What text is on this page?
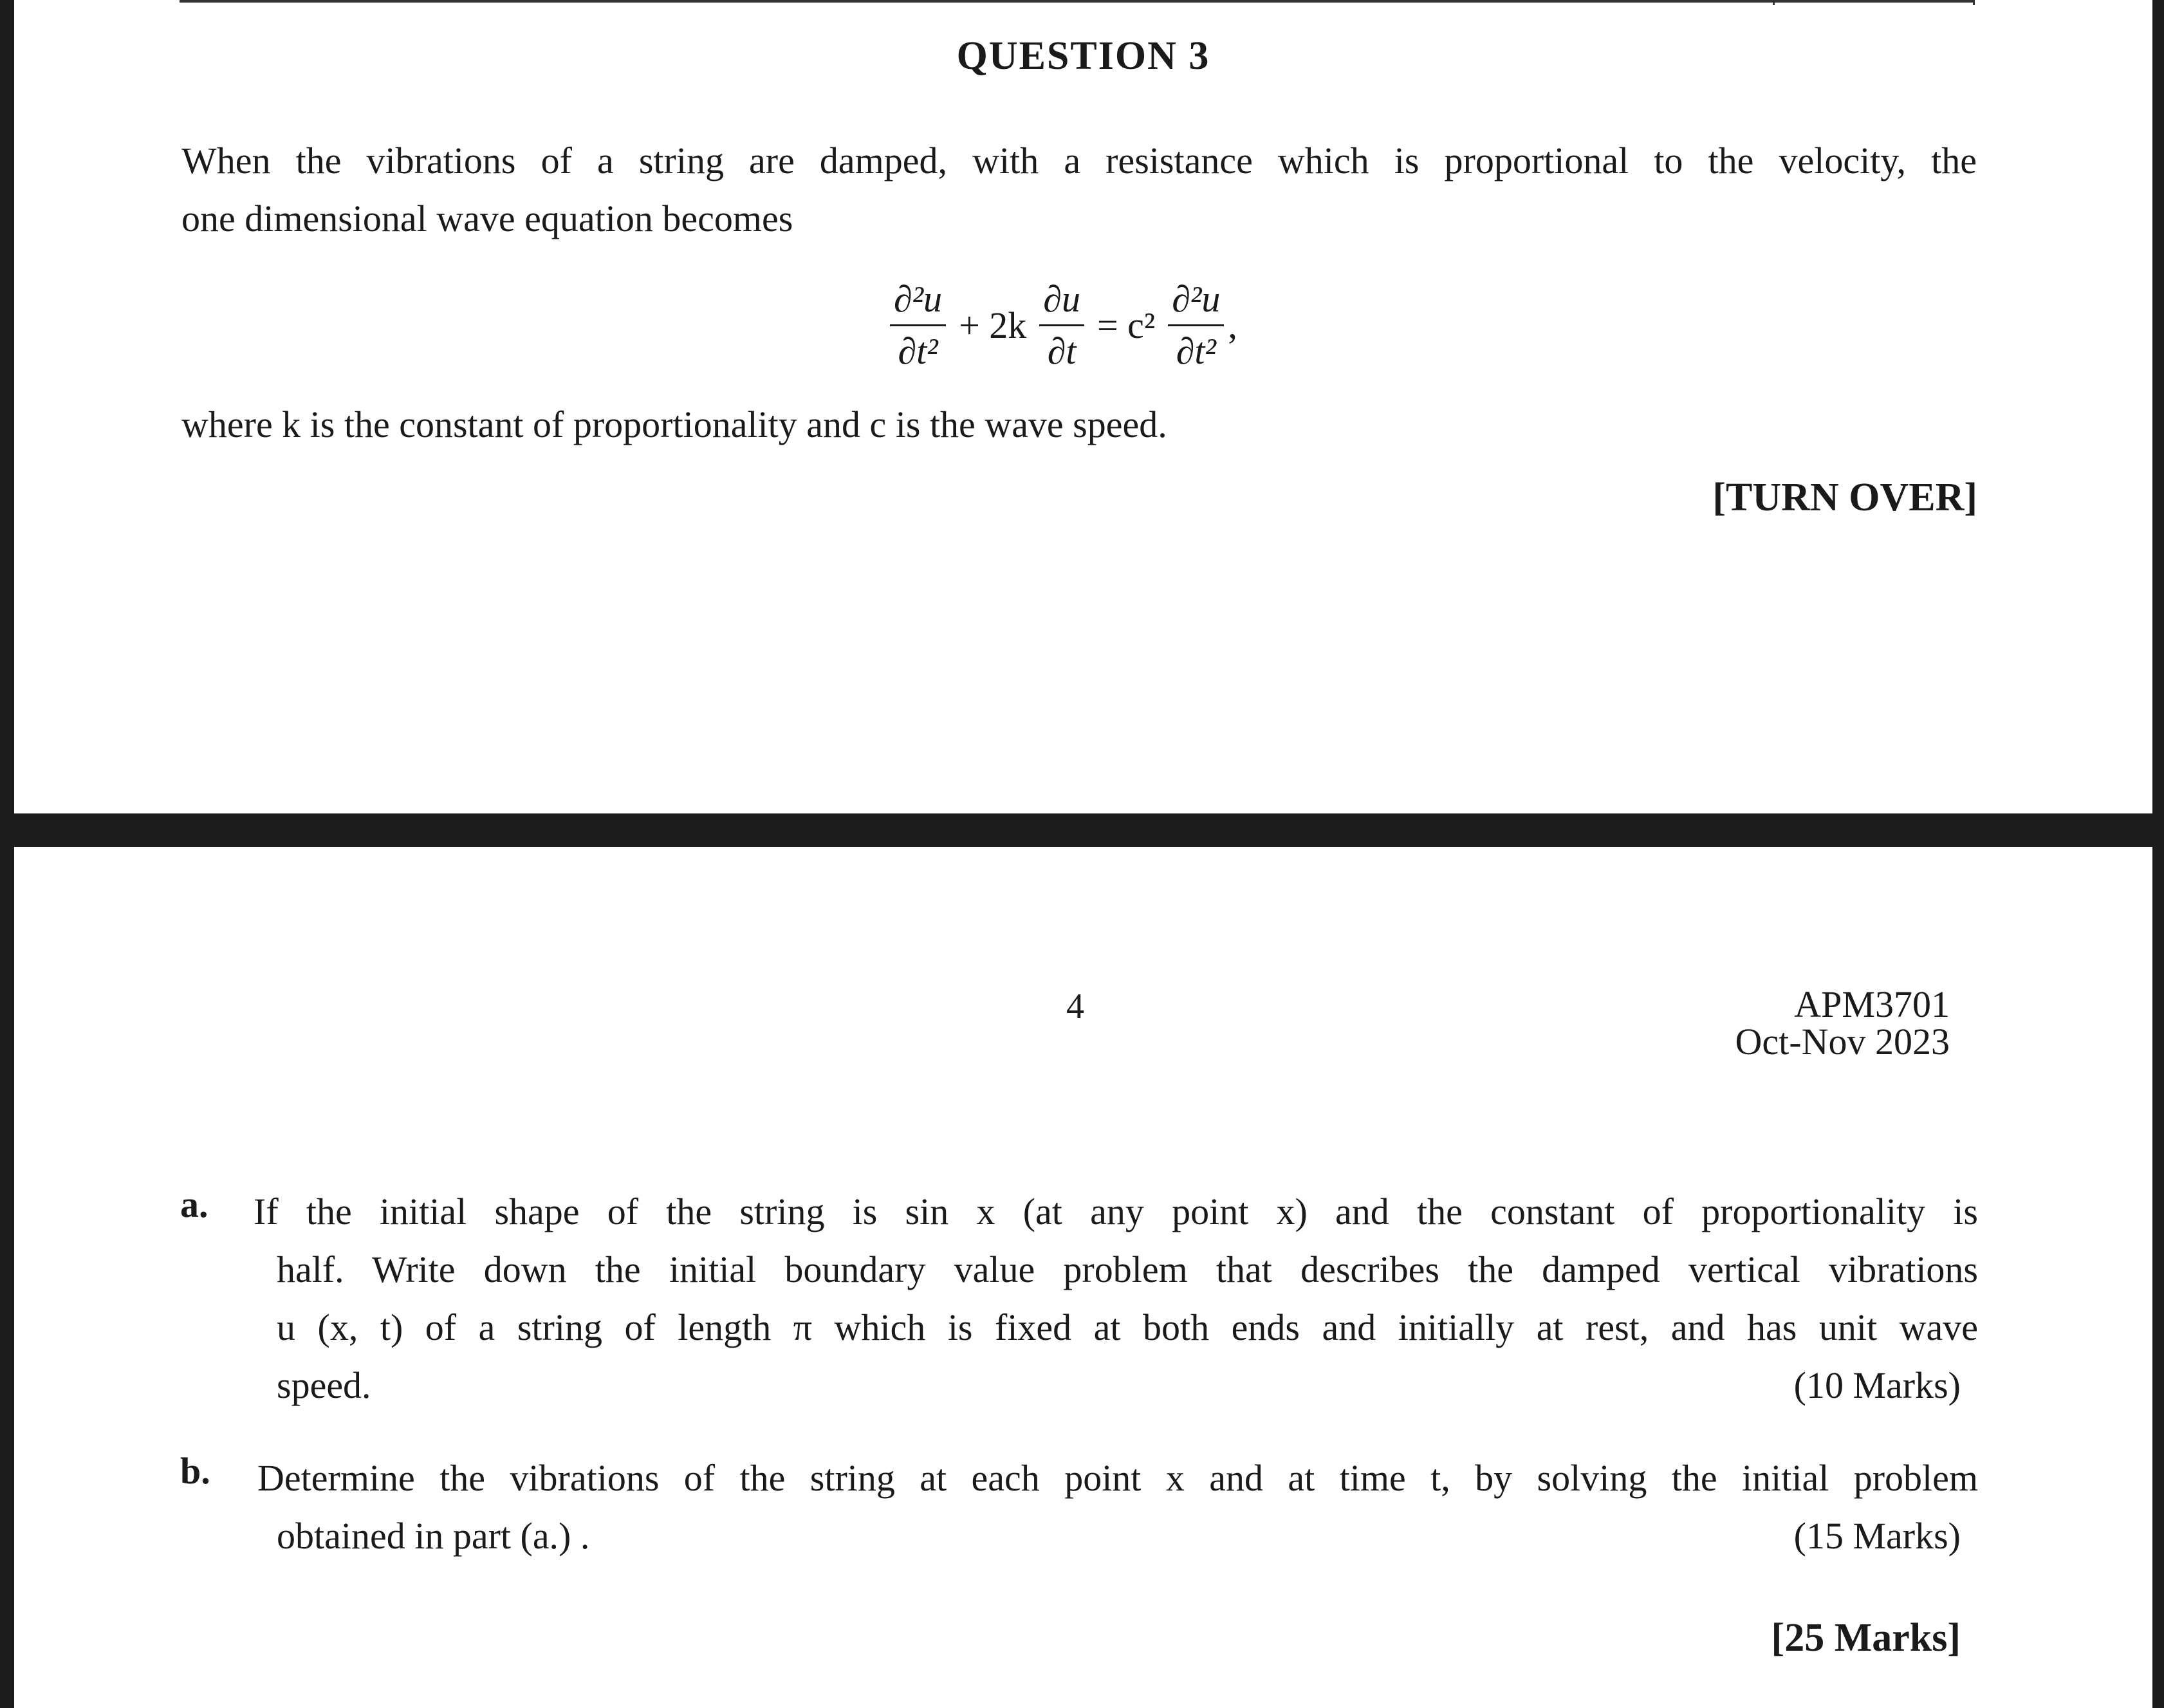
QUESTION 3
When the vibrations of a string are damped, with a resistance which is proportional to the velocity, the
one dimensional wave equation becomes
$\frac{\text{∂²u}}{\text{∂t²}} + 2k \frac{\partial u}{\partial t} = c^2 \frac{\text{∂²u}}{\text{∂t²}}$ ,
where k is the constant of proportionality and c is the wave speed.
[TURN OVER]
4	APM3701
Oct-Nov 2023
a. If the initial shape of the string is sin x (at any point x) and the constant of proportionality is
half. Write down the initial boundary value problem that describes the damped vertical vibrations
u (x, t) of a string of length π which is fixed at both ends and initially at rest, and has unit wave
speed.	(10 Marks)
b. Determine the vibrations of the string at each point x and at time t, by solving the initial problem
obtained in part (a.) .	(15 Marks)
[25 Marks]
